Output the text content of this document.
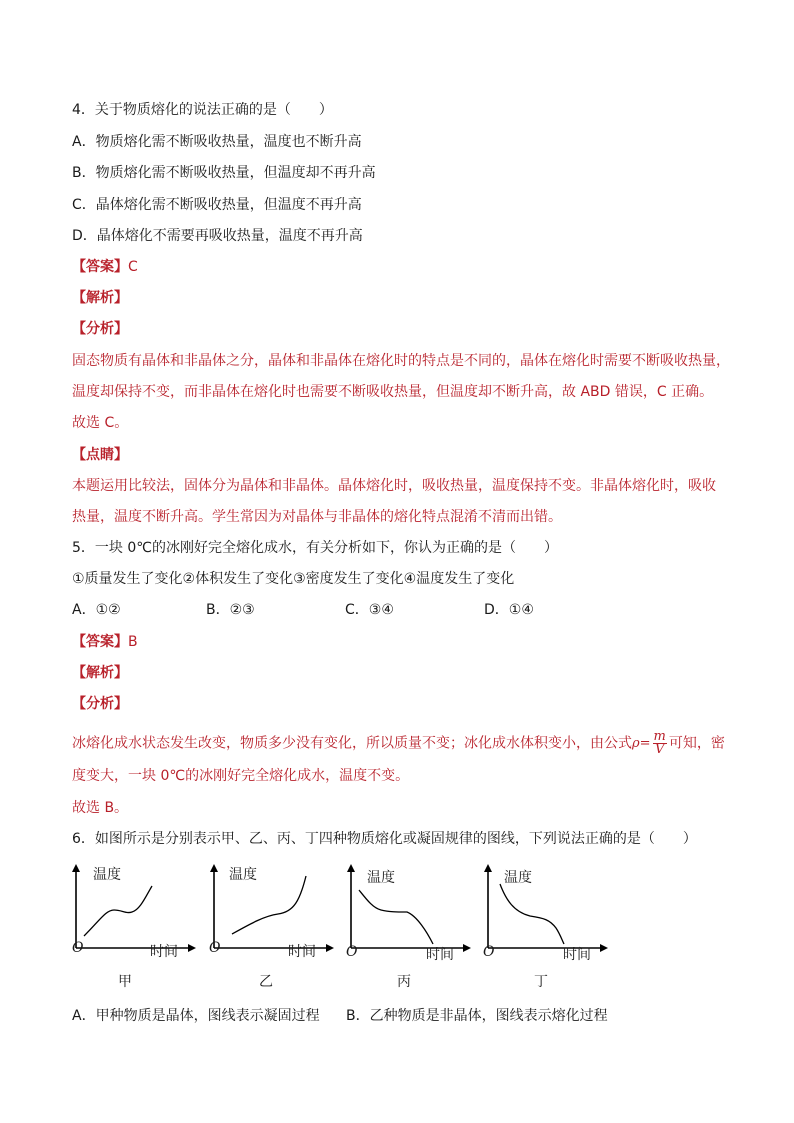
4．关于物质熔化的说法正确的是（　　）
A．物质熔化需不断吸收热量，温度也不断升高
B．物质熔化需不断吸收热量，但温度却不再升高
C．晶体熔化需不断吸收热量，但温度不再升高
D．晶体熔化不需要再吸收热量，温度不再升高
【答案】C
【解析】
【分析】
固态物质有晶体和非晶体之分，晶体和非晶体在熔化时的特点是不同的，晶体在熔化时需要不断吸收热量，
温度却保持不变，而非晶体在熔化时也需要不断吸收热量，但温度却不断升高，故 ABD 错误，C 正确。
故选 C。
【点睛】
本题运用比较法，固体分为晶体和非晶体。晶体熔化时，吸收热量，温度保持不变。非晶体熔化时，吸收
热量，温度不断升高。学生常因为对晶体与非晶体的熔化特点混淆不清而出错。
5．一块 0℃的冰刚好完全熔化成水，有关分析如下，你认为正确的是（　　）
①质量发生了变化②体积发生了变化③密度发生了变化④温度发生了变化
A．①②	B．②③	C．③④	D．①④
【答案】B
【解析】
【分析】
冰熔化成水状态发生改变，物质多少没有变化，所以质量不变；冰化成水体积变小，由公式$\rho= \frac{m}{V}$ 可知，密
度变大，一块 0℃的冰刚好完全熔化成水，温度不变。
故选 B。
6．如图所示是分别表示甲、乙、丙、丁四种物质熔化或凝固规律的图线，下列说法正确的是（　　）
温度
时间
O
甲
温度
时间
O
乙
温度
时间
O
丙
温度
时间
O
丁
A．甲种物质是晶体，图线表示凝固过程 B．乙种物质是非晶体，图线表示熔化过程
